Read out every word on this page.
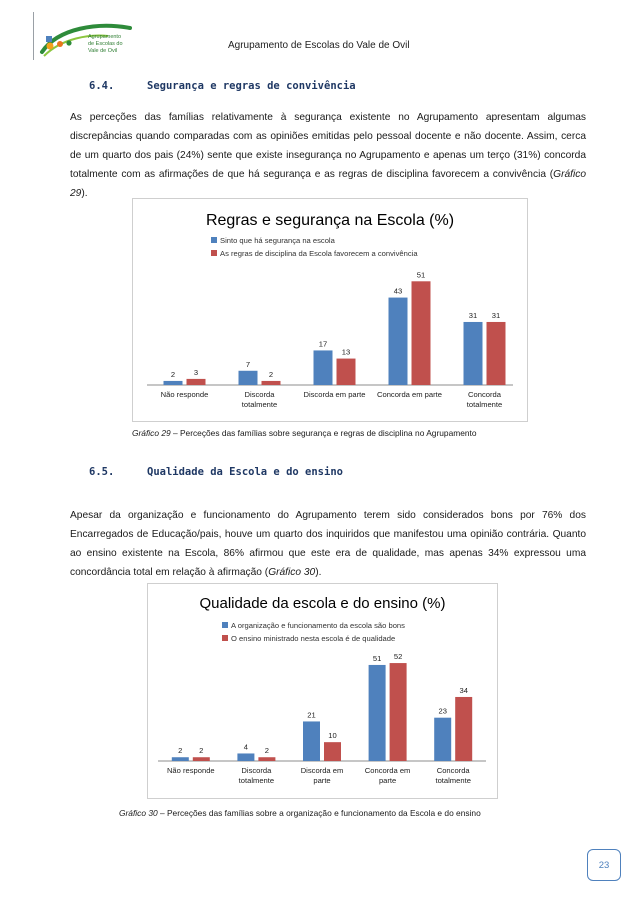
Agrupamento
de Escolas do
Vale de Ovil	Agrupamento de Escolas do Vale de Ovil
6.4.	Segurança e regras de convivência
As perceções das famílias relativamente à segurança existente no Agrupamento apresentam algumas discrepâncias quando comparadas com as opiniões emitidas pelo pessoal docente e não docente. Assim, cerca de um quarto dos pais (24%) sente que existe insegurança no Agrupamento e apenas um terço (31%) concorda totalmente com as afirmações de que há segurança e as regras de disciplina favorecem a convivência (Gráfico 29).
Regras e segurança na Escola (%)
Sinto que há segurança na escola
As regras de disciplina da Escola favorecem a convivência
2 3
Não responde
7
2
Discorda
totalmente
17
13
Discorda em parte
43
51
Concorda em parte
31 31
Concorda
totalmente
Gráfico 29 – Perceções das famílias sobre segurança e regras de disciplina no Agrupamento
6.5.	Qualidade da Escola e do ensino
Apesar da organização e funcionamento do Agrupamento terem sido considerados bons por 76% dos Encarregados de Educação/pais, houve um quarto dos inquiridos que manifestou uma opinião contrária. Quanto ao ensino existente na Escola, 86% afirmou que este era de qualidade, mas apenas 34% expressou uma concordância total em relação à afirmação (Gráfico 30).
Qualidade da escola e do ensino (%)
A organização e funcionamento da escola são bons
O ensino ministrado nesta escola é de qualidade
2 2
Não responde
4 2
Discorda
totalmente
21
10
Discorda em
parte
51 52
Concorda em
parte
23
34
Concorda
totalmente
Gráfico 30 – Perceções das famílias sobre a organização e funcionamento da Escola e do ensino
23
